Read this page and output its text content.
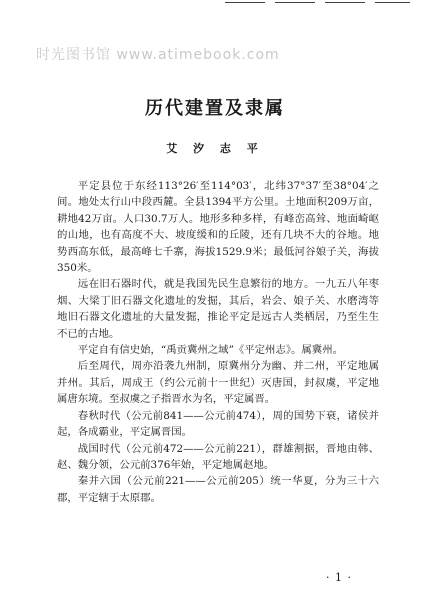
时光图书馆 www.atimebook.com
历代建置及隶属
艾 汐 志 平

平定县位于东经113°26′至114°03′，北纬37°37′至38°04′之间。地处太行山中段西麓。全县1394平方公里。土地面积209万亩，耕地42万亩。人口30.7万人。地形多种多样，有峰峦高耸、地面崎岖的山地，也有高度不大、坡度缓和的丘陵，还有几块不大的谷地。地势西高东低，最高峰七千寨，海拔1529.9米；最低河谷娘子关，海拔350米。

远在旧石器时代，就是我国先民生息繁衍的地方。一九五八年枣烟、大梁丁旧石器文化遗址的发掘，其后，岩会、娘子关、水磨湾等地旧石器文化遗址的大量发掘，推论平定是远古人类栖居，乃至生生不已的古地。

平定自有信史始，“禹贡冀州之域”《平定州志》。属冀州。

后至周代，周亦沿袭九州制，原冀州分为幽、并二州，平定地属并州。其后，周成王（约公元前十一世纪）灭唐国，封叔虞，平定地属唐东境。至叔虞之子指晋水为名，平定属晋。

春秋时代（公元前841——公元前474），周的国势下衰，诸侯并起，各成霸业，平定属晋国。

战国时代（公元前472——公元前221），群雄割据，晋地由韩、赵、魏分领，公元前376年始，平定地属赵地。

秦并六国（公元前221——公元前205）统一华夏，分为三十六郡，平定辖于太原郡。

· 1 ·
